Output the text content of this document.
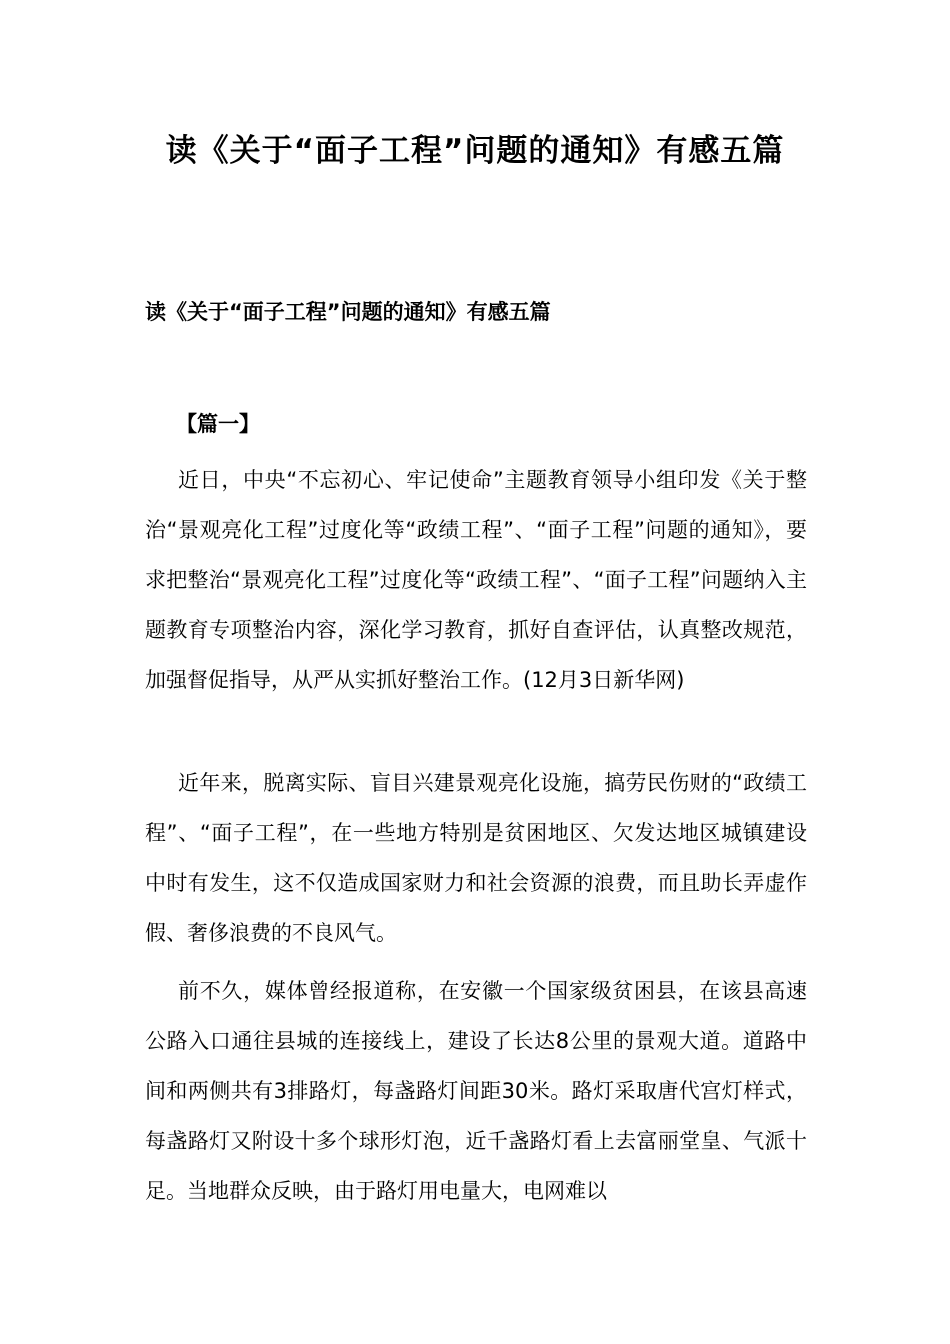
读《关于“面子工程”问题的通知》有感五篇

读《关于“面子工程”问题的通知》有感五篇

【篇一】

近日，中央“不忘初心、牢记使命”主题教育领导小组印发《关于整治“景观亮化工程”过度化等“政绩工程”、“面子工程”问题的通知》，要求把整治“景观亮化工程”过度化等“政绩工程”、“面子工程”问题纳入主题教育专项整治内容，深化学习教育，抓好自查评估，认真整改规范，加强督促指导，从严从实抓好整治工作。(12月3日新华网)

近年来，脱离实际、盲目兴建景观亮化设施，搞劳民伤财的“政绩工程”、“面子工程”，在一些地方特别是贫困地区、欠发达地区城镇建设中时有发生，这不仅造成国家财力和社会资源的浪费，而且助长弄虚作假、奢侈浪费的不良风气。

前不久，媒体曾经报道称，在安徽一个国家级贫困县，在该县高速公路入口通往县城的连接线上，建设了长达8公里的景观大道。道路中间和两侧共有3排路灯，每盏路灯间距30米。路灯采取唐代宫灯样式，每盏路灯又附设十多个球形灯泡，近千盏路灯看上去富丽堂皇、气派十足。当地群众反映，由于路灯用电量大，电网难以
